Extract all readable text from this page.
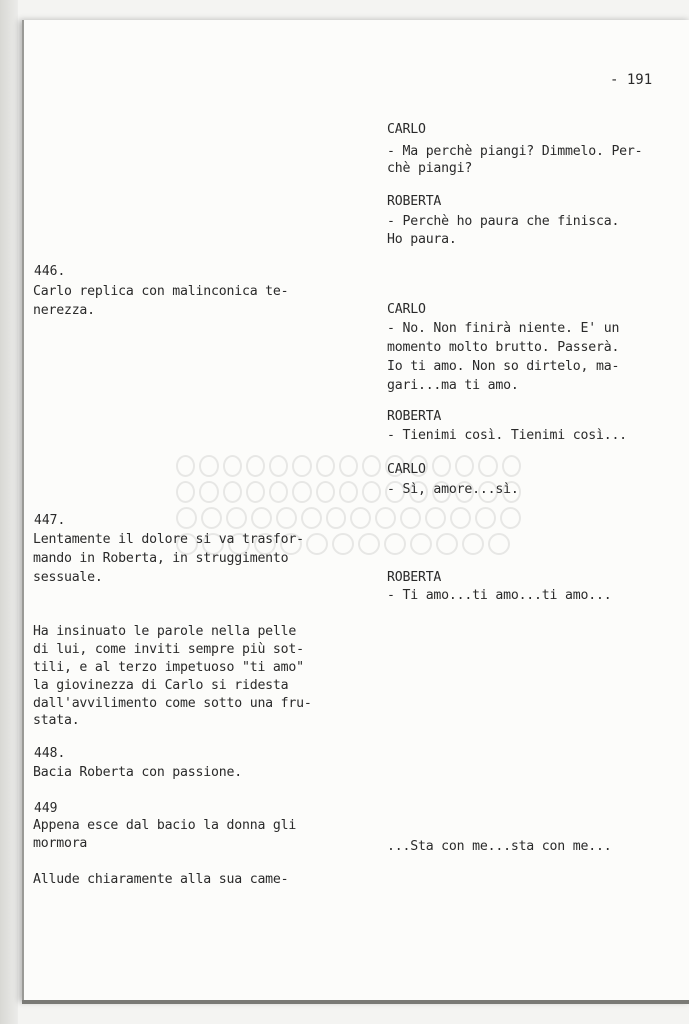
- 191
CARLO
- Ma perchè piangi? Dimmelo. Per-
chè piangi?
ROBERTA
- Perchè ho paura che finisca.
Ho paura.
CARLO
- No. Non finirà niente. E' un
momento molto brutto. Passerà.
Io ti amo. Non so dirtelo, ma-
gari...ma ti amo.
ROBERTA
- Tienimi così. Tienimi così...
CARLO
- Sì, amore...sì.
ROBERTA
- Ti amo...ti amo...ti amo...
...Sta con me...sta con me...
446.
Carlo replica con malinconica te-
nerezza.
447.
Lentamente il dolore si va trasfor-
mando in Roberta, in struggimento
sessuale.
Ha insinuato le parole nella pelle
di lui, come inviti sempre più sot-
tili, e al terzo impetuoso "ti amo"
la giovinezza di Carlo si ridesta
dall'avvilimento come sotto una fru-
stata.
448.
Bacia Roberta con passione.
449
Appena esce dal bacio la donna gli
mormora
Allude chiaramente alla sua came-
